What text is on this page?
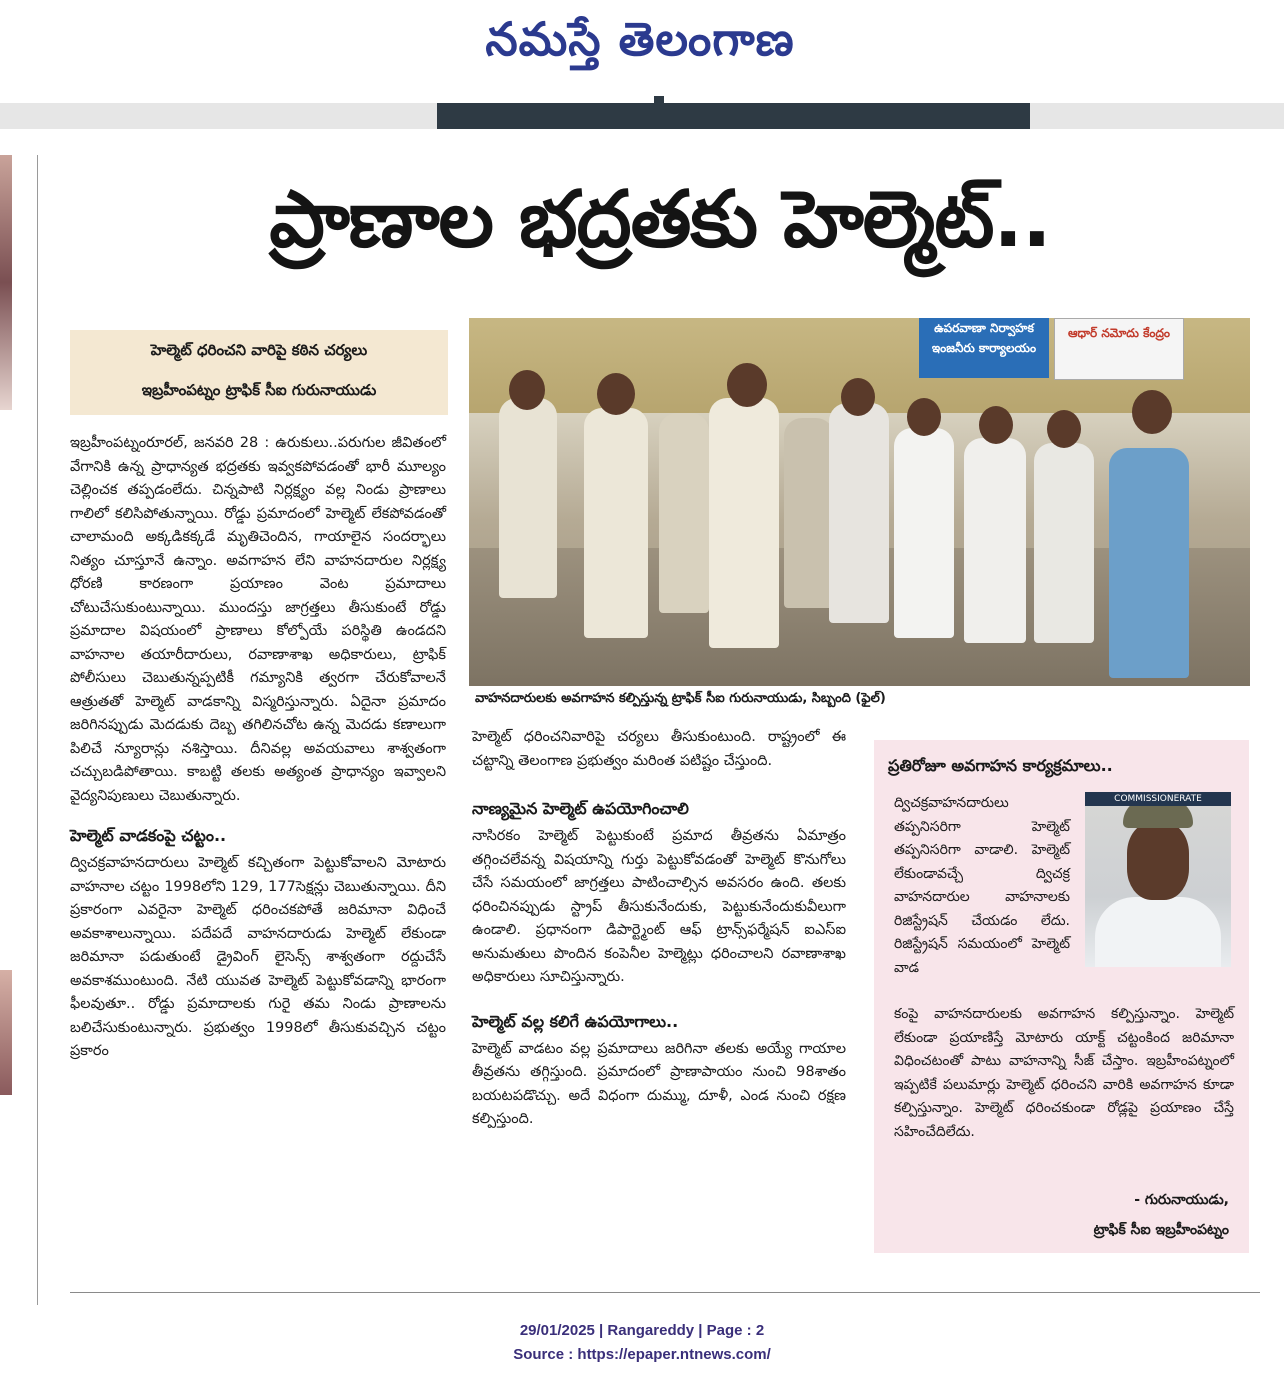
నమస్తే తెలంగాణ
ప్రాణాల భద్రతకు హెల్మెట్..
హెల్మెట్ ధరించని వారిపై కఠిన చర్యలు
ఇబ్రహీంపట్నం ట్రాఫిక్ సీఐ గురునాయుడు

ఇబ్రహీంపట్నంరూరల్, జనవరి 28 : ఉరుకులు..పరుగుల జీవితంలో వేగానికి ఉన్న ప్రాధాన్యత భద్రతకు ఇవ్వకపోవడంతో భారీ మూల్యం చెల్లించక తప్పడంలేదు. చిన్నపాటి నిర్లక్ష్యం వల్ల నిండు ప్రాణాలు గాలిలో కలిసిపోతున్నాయి. రోడ్డు ప్రమాదంలో హెల్మెట్ లేకపోవడంతో చాలామంది అక్కడికక్కడే మృతిచెందిన, గాయాలైన సందర్భాలు నిత్యం చూస్తూనే ఉన్నాం. అవగాహన లేని వాహనదారుల నిర్లక్ష్య ధోరణి కారణంగా ప్రయాణం వెంట ప్రమాదాలు చోటుచేసుకుంటున్నాయి. ముందస్తు జాగ్రత్తలు తీసుకుంటే రోడ్డు ప్రమాదాల విషయంలో ప్రాణాలు కోల్పోయే పరిస్థితి ఉండదని వాహనాల తయారీదారులు, రవాణాశాఖ అధికారులు, ట్రాఫిక్ పోలీసులు చెబుతున్నప్పటికీ గమ్యానికి త్వరగా చేరుకోవాలనే ఆత్రుతతో హెల్మెట్ వాడకాన్ని విస్మరిస్తున్నారు. ఏదైనా ప్రమాదం జరిగినప్పుడు మెదడుకు దెబ్బ తగిలినచోట ఉన్న మెదడు కణాలుగా పిలిచే న్యూరాన్లు నశిస్తాయి. దీనివల్ల అవయవాలు శాశ్వతంగా చచ్చుబడిపోతాయి. కాబట్టి తలకు అత్యంత ప్రాధాన్యం ఇవ్వాలని వైద్యనిపుణులు చెబుతున్నారు.

హెల్మెట్ వాడకంపై చట్టం..

ద్విచక్రవాహనదారులు హెల్మెట్ కచ్చితంగా పెట్టుకోవాలని మోటారు వాహనాల చట్టం 1998లోని 129, 177సెక్షన్లు చెబుతున్నాయి. దీని ప్రకారంగా ఎవరైనా హెల్మెట్ ధరించకపోతే జరిమానా విధించే అవకాశాలున్నాయి. పదేపదే వాహనదారుడు హెల్మెట్ లేకుండా జరిమానా పడుతుంటే డ్రైవింగ్ లైసెన్స్ శాశ్వతంగా రద్దుచేసే అవకాశముంటుంది. నేటి యువత హెల్మెట్ పెట్టుకోవడాన్ని భారంగా ఫీలవుతూ.. రోడ్డు ప్రమాదాలకు గురై తమ నిండు ప్రాణాలను బలిచేసుకుంటున్నారు. ప్రభుత్వం 1998లో తీసుకువచ్చిన చట్టం ప్రకారం

ఉపరవాణా నిర్వాహక ఇంజనీరు కార్యాలయం
ఆధార్ నమోదు కేంద్రం
వాహనదారులకు అవగాహన కల్పిస్తున్న ట్రాఫిక్ సీఐ గురునాయుడు, సిబ్బంది (ఫైల్)

హెల్మెట్ ధరించనివారిపై చర్యలు తీసుకుంటుంది. రాష్ట్రంలో ఈ చట్టాన్ని తెలంగాణ ప్రభుత్వం మరింత పటిష్టం చేస్తుంది.

నాణ్యమైన హెల్మెట్ ఉపయోగించాలి

నాసిరకం హెల్మెట్ పెట్టుకుంటే ప్రమాద తీవ్రతను ఏమాత్రం తగ్గించలేవన్న విషయాన్ని గుర్తు పెట్టుకోవడంతో హెల్మెట్ కొనుగోలు చేసే సమయంలో జాగ్రత్తలు పాటించాల్సిన అవసరం ఉంది. తలకు ధరించినప్పుడు స్ట్రాప్ తీసుకునేందుకు, పెట్టుకునేందుకువీలుగా ఉండాలి. ప్రధానంగా డిపార్ట్మెంట్ ఆఫ్ ట్రాన్స్‌ఫర్మేషన్ ఐఎస్ఐ అనుమతులు పొందిన కంపెనీల హెల్మెట్లు ధరించాలని రవాణాశాఖ అధికారులు సూచిస్తున్నారు.

హెల్మెట్ వల్ల కలిగే ఉపయోగాలు..

హెల్మెట్ వాడటం వల్ల ప్రమాదాలు జరిగినా తలకు అయ్యే గాయాల తీవ్రతను తగ్గిస్తుంది. ప్రమాదంలో ప్రాణాపాయం నుంచి 98శాతం బయటపడొచ్చు. అదే విధంగా దుమ్ము, దూళీ, ఎండ నుంచి రక్షణ కల్పిస్తుంది.

ప్రతిరోజూ అవగాహన కార్యక్రమాలు..
COMMISSIONERATE
ద్విచక్రవాహనదారులు తప్పనిసరిగా హెల్మెట్ తప్పనిసరిగా వాడాలి. హెల్మెట్ లేకుండావచ్చే ద్విచక్ర వాహనదారుల వాహనాలకు రిజిస్ట్రేషన్ చేయడం లేదు. రిజిస్ట్రేషన్ సమయంలో హెల్మెట్ వాడ
కంపై వాహనదారులకు అవగాహన కల్పిస్తున్నాం. హెల్మెట్ లేకుండా ప్రయాణిస్తే మోటారు యాక్ట్ చట్టంకింద జరిమానా విధించటంతో పాటు వాహనాన్ని సీజ్ చేస్తాం. ఇబ్రహీంపట్నంలో ఇప్పటికే పలుమార్లు హెల్మెట్ ధరించని వారికి అవగాహన కూడా కల్పిస్తున్నాం. హెల్మెట్ ధరించకుండా రోడ్లపై ప్రయాణం చేస్తే సహించేదిలేదు.
- గురునాయుడు,
ట్రాఫిక్ సీఐ ఇబ్రహీంపట్నం
29/01/2025 | Rangareddy | Page : 2
Source : https://epaper.ntnews.com/
